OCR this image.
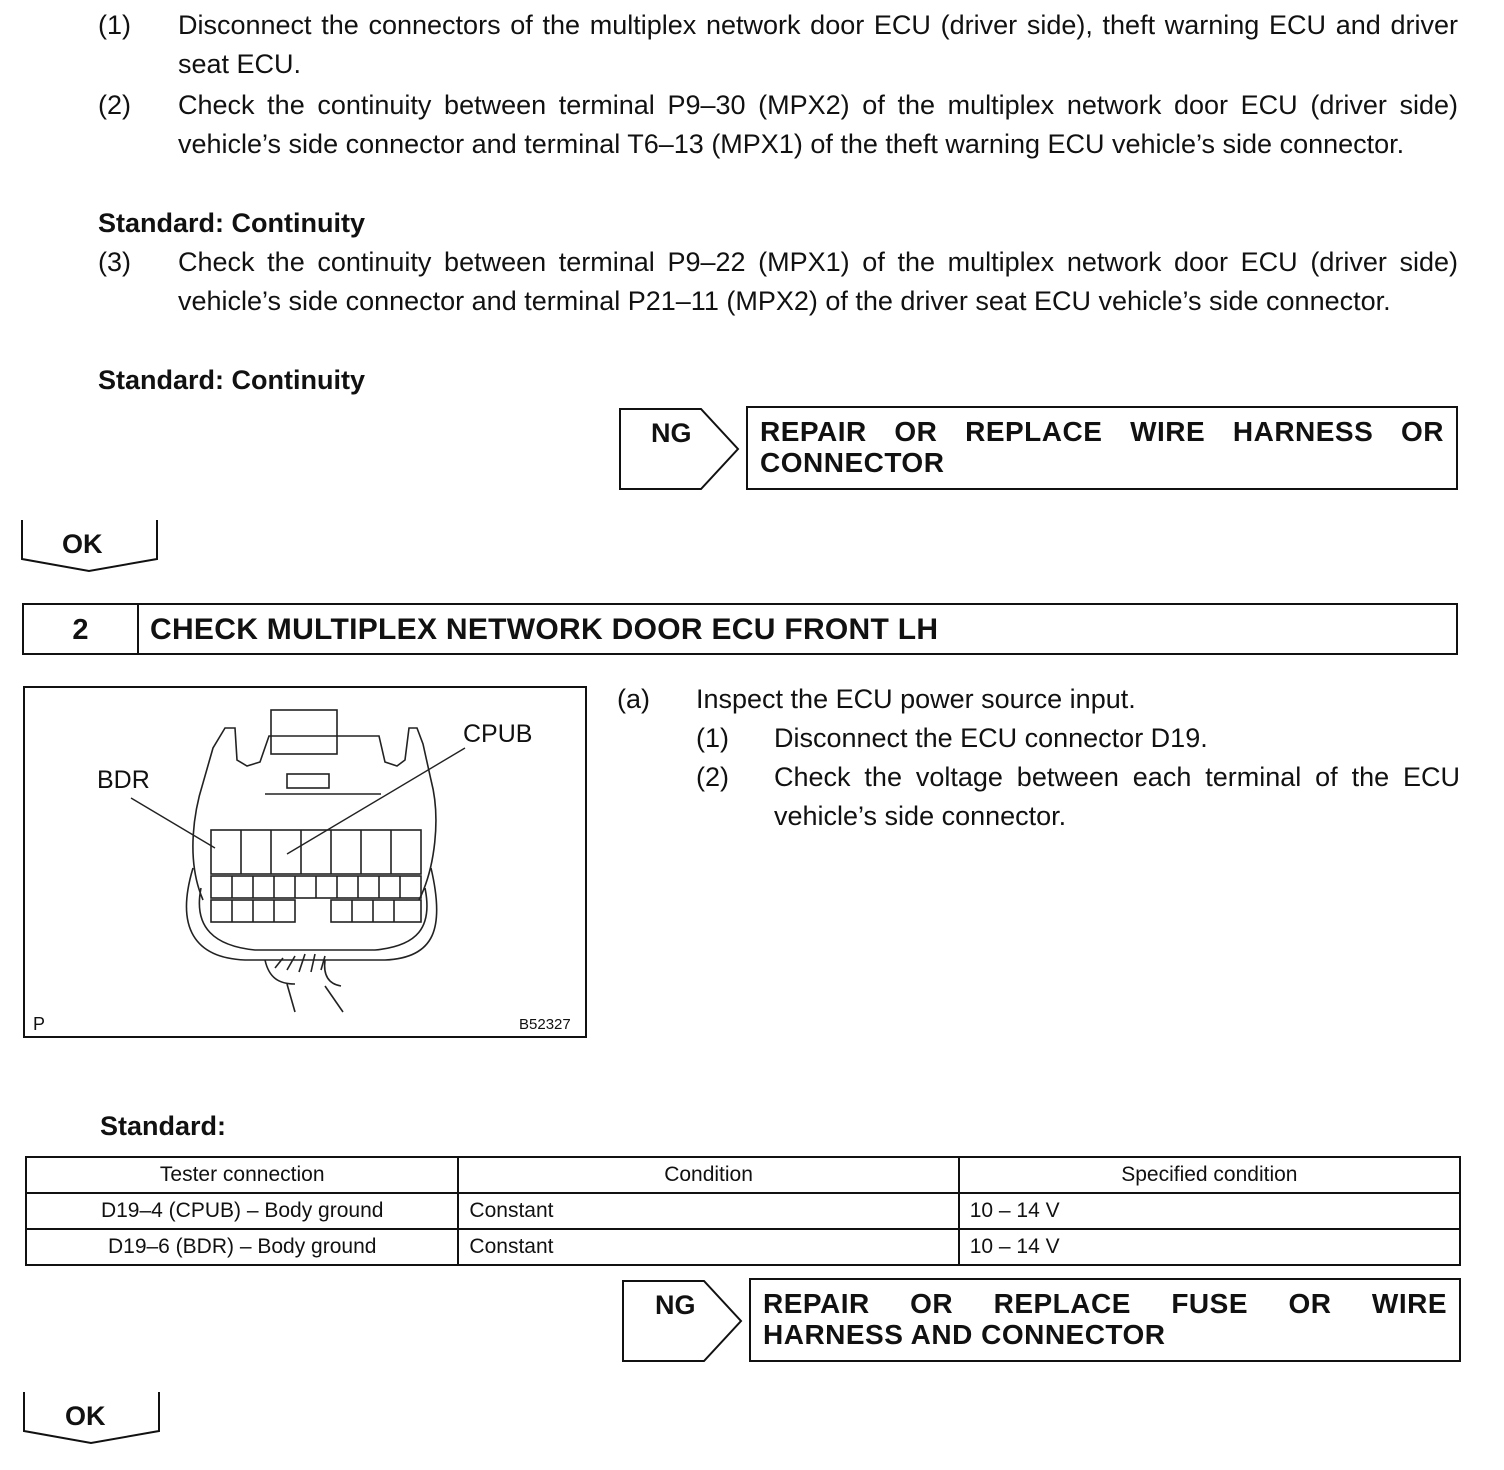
(1) Disconnect the connectors of the multiplex network door ECU (driver side), theft warning ECU and driver seat ECU.
(2) Check the continuity between terminal P9–30 (MPX2) of the multiplex network door ECU (driver side) vehicle’s side connector and terminal T6–13 (MPX1) of the theft warning ECU vehicle’s side connector.
Standard: Continuity
(3) Check the continuity between terminal P9–22 (MPX1) of the multiplex network door ECU (driver side) vehicle’s side connector and terminal P21–11 (MPX2) of the driver seat ECU vehicle’s side connector.
Standard: Continuity
NG REPAIR OR REPLACE WIRE HARNESS OR
CONNECTOR
OK
2	CHECK MULTIPLEX NETWORK DOOR ECU FRONT LH
BDR
CPUB
P	B52327
(a) Inspect the ECU power source input.
(1) Disconnect the ECU connector D19.
(2) Check the voltage between each terminal of the ECU vehicle’s side connector.
Standard:
Tester connection	Condition	Specified condition
D19–4 (CPUB) – Body ground	Constant	10 – 14 V
D19–6 (BDR) – Body ground	Constant	10 – 14 V
NG REPAIR OR REPLACE FUSE OR WIRE
HARNESS AND CONNECTOR
OK
